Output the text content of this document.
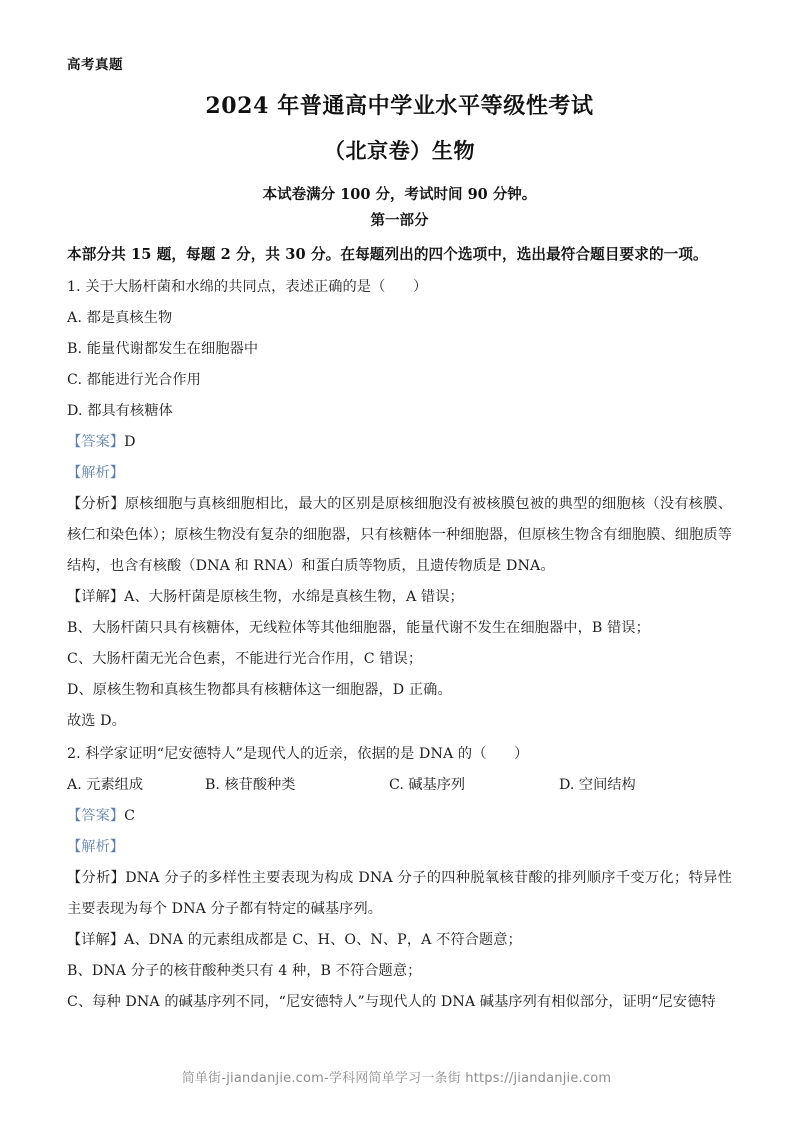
高考真题
2024 年普通高中学业水平等级性考试
（北京卷）生物
本试卷满分 100 分，考试时间 90 分钟。
第一部分
本部分共 15 题，每题 2 分，共 30 分。在每题列出的四个选项中，选出最符合题目要求的一项。
1. 关于大肠杆菌和水绵的共同点，表述正确的是（      ）
A. 都是真核生物
B. 能量代谢都发生在细胞器中
C. 都能进行光合作用
D. 都具有核糖体
【答案】D
【解析】
【分析】原核细胞与真核细胞相比，最大的区别是原核细胞没有被核膜包被的典型的细胞核（没有核膜、核仁和染色体）；原核生物没有复杂的细胞器，只有核糖体一种细胞器，但原核生物含有细胞膜、细胞质等结构，也含有核酸（DNA 和 RNA）和蛋白质等物质，且遗传物质是 DNA。
【详解】A、大肠杆菌是原核生物，水绵是真核生物，A 错误；
B、大肠杆菌只具有核糖体，无线粒体等其他细胞器，能量代谢不发生在细胞器中，B 错误；
C、大肠杆菌无光合色素，不能进行光合作用，C 错误；
D、原核生物和真核生物都具有核糖体这一细胞器，D 正确。
故选 D。
2. 科学家证明“尼安德特人”是现代人的近亲，依据的是 DNA 的（      ）
A. 元素组成	B. 核苷酸种类	C. 碱基序列	D. 空间结构
【答案】C
【解析】
【分析】DNA 分子的多样性主要表现为构成 DNA 分子的四种脱氧核苷酸的排列顺序千变万化；特异性主要表现为每个 DNA 分子都有特定的碱基序列。
【详解】A、DNA 的元素组成都是 C、H、O、N、P，A 不符合题意；
B、DNA 分子的核苷酸种类只有 4 种，B 不符合题意；
C、每种 DNA 的碱基序列不同，“尼安德特人”与现代人的 DNA 碱基序列有相似部分，证明“尼安德特
简单街-jiandanjie.com-学科网简单学习一条街 https://jiandanjie.com
